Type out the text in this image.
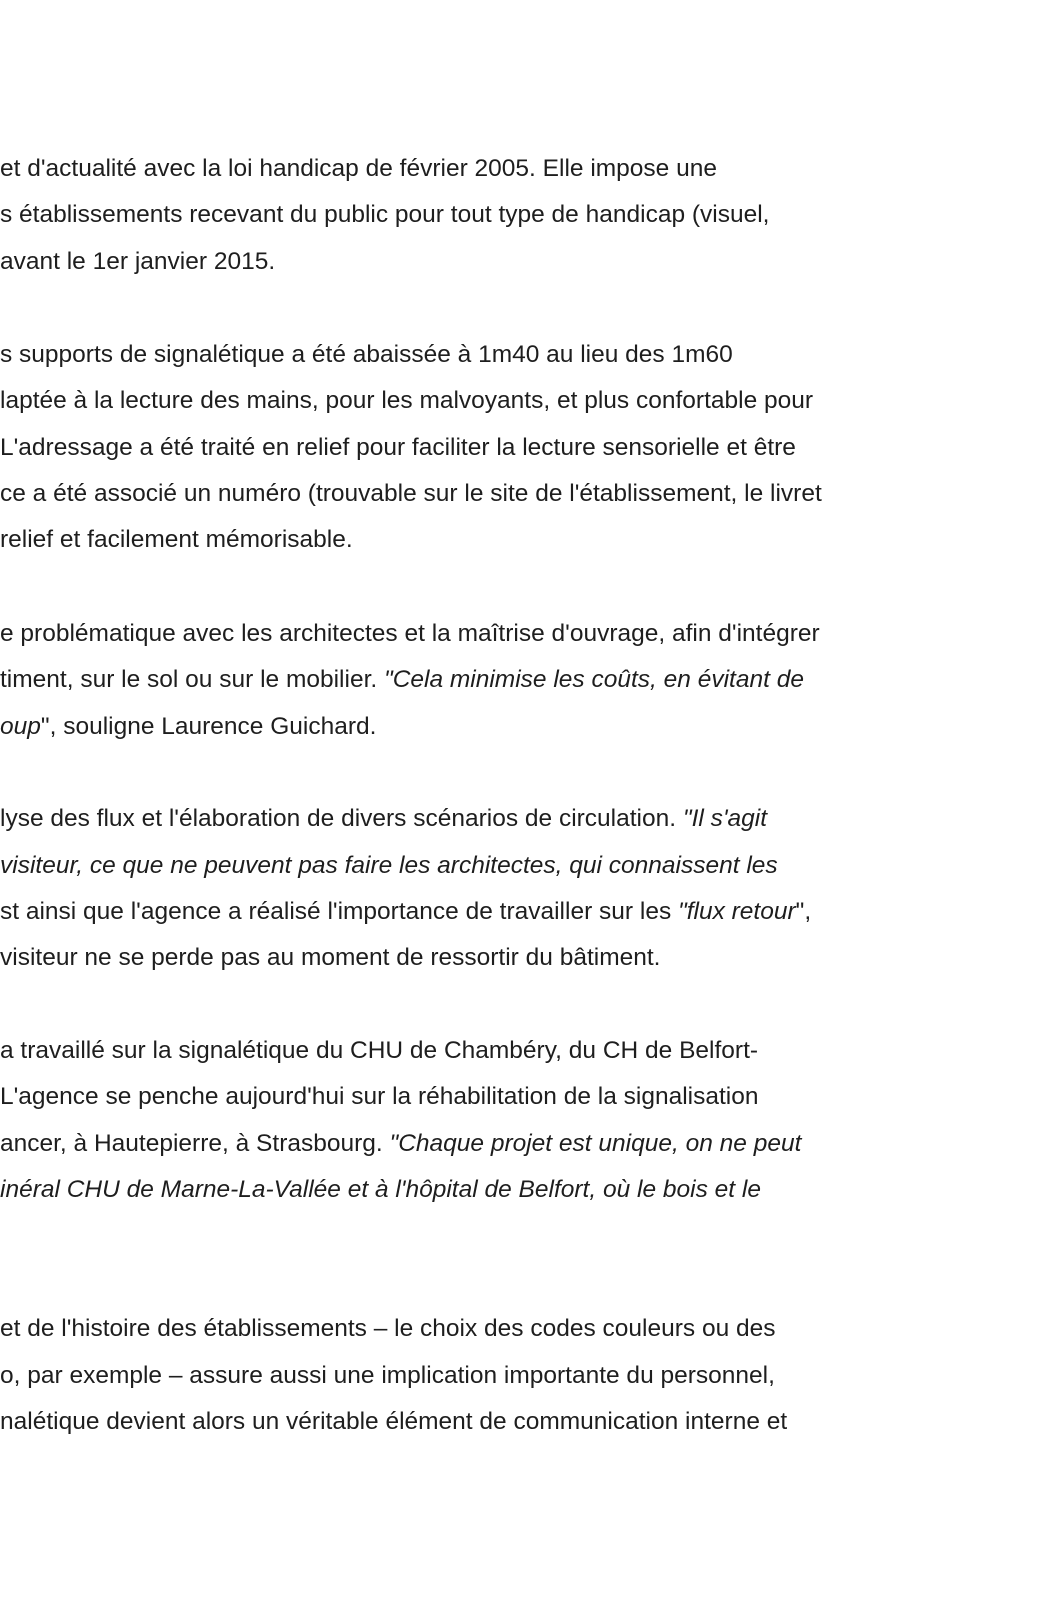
et d'actualité avec la loi handicap de février 2005. Elle impose une
s établissements recevant du public pour tout type de handicap (visuel,
avant le 1er janvier 2015.
s supports de signalétique a été abaissée à 1m40 au lieu des 1m60
laptée à la lecture des mains, pour les malvoyants, et plus confortable pour
L'adressage a été traité en relief pour faciliter la lecture sensorielle et être
ce a été associé un numéro (trouvable sur le site de l'établissement, le livret
relief et facilement mémorisable.
e problématique avec les architectes et la maîtrise d'ouvrage, afin d'intégrer
timent, sur le sol ou sur le mobilier. "Cela minimise les coûts, en évitant de
oup", souligne Laurence Guichard.
lyse des flux et l'élaboration de divers scénarios de circulation. "Il s'agit
visiteur, ce que ne peuvent pas faire les architectes, qui connaissent les
st ainsi que l'agence a réalisé l'importance de travailler sur les "flux retour",
visiteur ne se perde pas au moment de ressortir du bâtiment.
a travaillé sur la signalétique du CHU de Chambéry, du CH de Belfort-
L'agence se penche aujourd'hui sur la réhabilitation de la signalisation
ancer, à Hautepierre, à Strasbourg. "Chaque projet est unique, on ne peut
inéral CHU de Marne-La-Vallée et à l'hôpital de Belfort, où le bois et le
et de l'histoire des établissements – le choix des codes couleurs ou des
o, par exemple – assure aussi une implication importante du personnel,
nalétique devient alors un véritable élément de communication interne et
